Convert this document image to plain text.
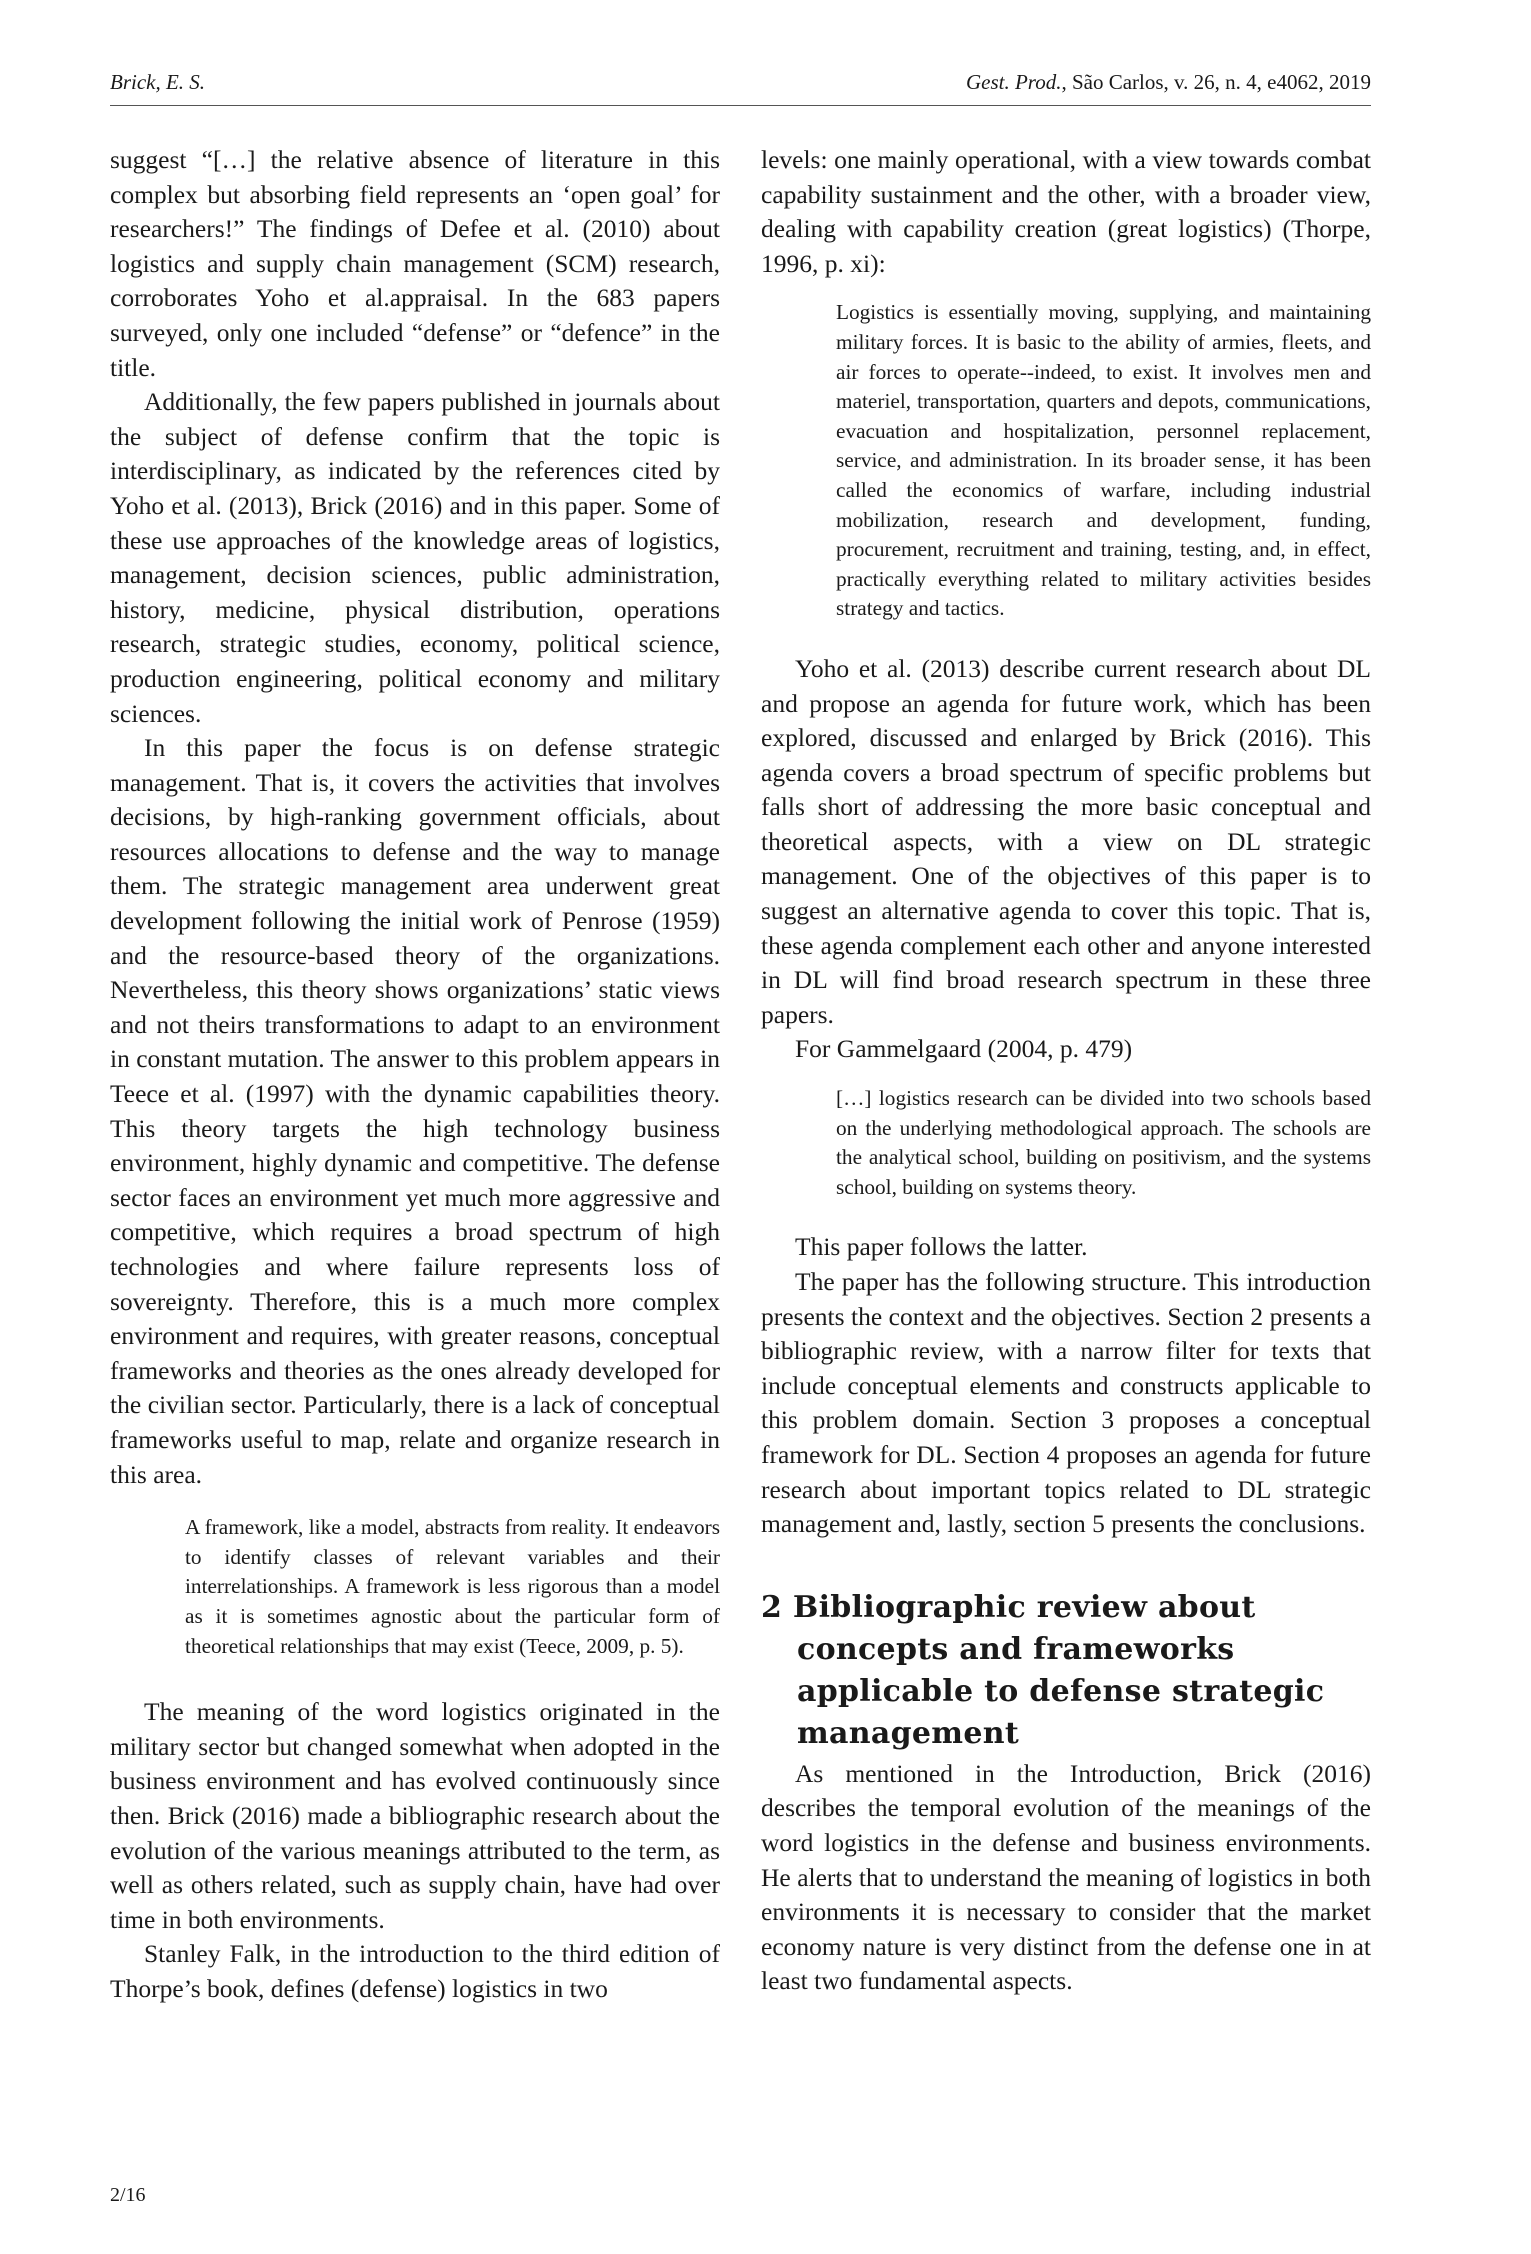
Brick, E. S.	Gest. Prod., São Carlos, v. 26, n. 4, e4062, 2019

suggest “[…] the relative absence of literature in this complex but absorbing field represents an ‘open goal’ for researchers!” The findings of Defee et al. (2010) about logistics and supply chain management (SCM) research, corroborates Yoho et al.appraisal. In the 683 papers surveyed, only one included “defense” or “defence” in the title.

Additionally, the few papers published in journals about the subject of defense confirm that the topic is interdisciplinary, as indicated by the references cited by Yoho et al. (2013), Brick (2016) and in this paper. Some of these use approaches of the knowledge areas of logistics, management, decision sciences, public administration, history, medicine, physical distribution, operations research, strategic studies, economy, political science, production engineering, political economy and military sciences.

In this paper the focus is on defense strategic management. That is, it covers the activities that involves decisions, by high-ranking government officials, about resources allocations to defense and the way to manage them. The strategic management area underwent great development following the initial work of Penrose (1959) and the resource-based theory of the organizations. Nevertheless, this theory shows organizations’ static views and not theirs transformations to adapt to an environment in constant mutation. The answer to this problem appears in Teece et al. (1997) with the dynamic capabilities theory. This theory targets the high technology business environment, highly dynamic and competitive. The defense sector faces an environment yet much more aggressive and competitive, which requires a broad spectrum of high technologies and where failure represents loss of sovereignty. Therefore, this is a much more complex environment and requires, with greater reasons, conceptual frameworks and theories as the ones already developed for the civilian sector. Particularly, there is a lack of conceptual frameworks useful to map, relate and organize research in this area.

A framework, like a model, abstracts from reality. It endeavors to identify classes of relevant variables and their interrelationships. A framework is less rigorous than a model as it is sometimes agnostic about the particular form of theoretical relationships that may exist (Teece, 2009, p. 5).

The meaning of the word logistics originated in the military sector but changed somewhat when adopted in the business environment and has evolved continuously since then. Brick (2016) made a bibliographic research about the evolution of the various meanings attributed to the term, as well as others related, such as supply chain, have had over time in both environments.

Stanley Falk, in the introduction to the third edition of Thorpe’s book, defines (defense) logistics in two

levels: one mainly operational, with a view towards combat capability sustainment and the other, with a broader view, dealing with capability creation (great logistics) (Thorpe, 1996, p. xi):

Logistics is essentially moving, supplying, and maintaining military forces. It is basic to the ability of armies, fleets, and air forces to operate--indeed, to exist. It involves men and materiel, transportation, quarters and depots, communications, evacuation and hospitalization, personnel replacement, service, and administration. In its broader sense, it has been called the economics of warfare, including industrial mobilization, research and development, funding, procurement, recruitment and training, testing, and, in effect, practically everything related to military activities besides strategy and tactics.

Yoho et al. (2013) describe current research about DL and propose an agenda for future work, which has been explored, discussed and enlarged by Brick (2016). This agenda covers a broad spectrum of specific problems but falls short of addressing the more basic conceptual and theoretical aspects, with a view on DL strategic management. One of the objectives of this paper is to suggest an alternative agenda to cover this topic. That is, these agenda complement each other and anyone interested in DL will find broad research spectrum in these three papers.

For Gammelgaard (2004, p. 479)

[…] logistics research can be divided into two schools based on the underlying methodological approach. The schools are the analytical school, building on positivism, and the systems school, building on systems theory.

This paper follows the latter.

The paper has the following structure. This introduction presents the context and the objectives. Section 2 presents a bibliographic review, with a narrow filter for texts that include conceptual elements and constructs applicable to this problem domain. Section 3 proposes a conceptual framework for DL. Section 4 proposes an agenda for future research about important topics related to DL strategic management and, lastly, section 5 presents the conclusions.

2 Bibliographic review about concepts and frameworks applicable to defense strategic management

As mentioned in the Introduction, Brick (2016) describes the temporal evolution of the meanings of the word logistics in the defense and business environments. He alerts that to understand the meaning of logistics in both environments it is necessary to consider that the market economy nature is very distinct from the defense one in at least two fundamental aspects.

2/16
